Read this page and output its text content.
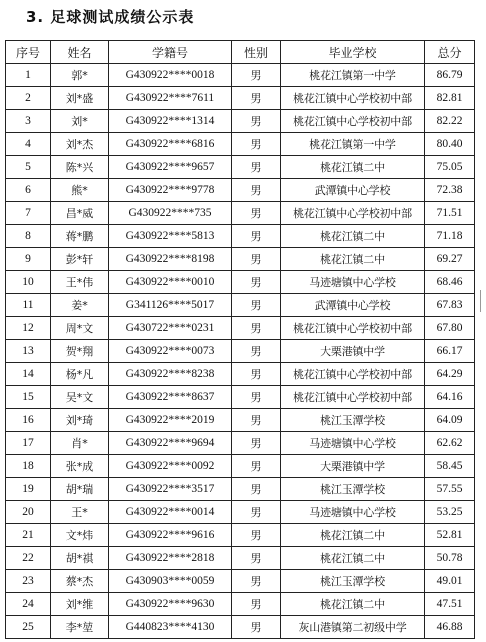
3. 足球测试成绩公示表
序号	姓名	学籍号	性别	毕业学校	总分
1	郭*	G430922****0018	男	桃花江镇第一中学	86.79
2	刘*盛	G430922****7611	男	桃花江镇中心学校初中部	82.81
3	刘*	G430922****1314	男	桃花江镇中心学校初中部	82.22
4	刘*杰	G430922****6816	男	桃花江镇第一中学	80.40
5	陈*兴	G430922****9657	男	桃花江镇二中	75.05
6	熊*	G430922****9778	男	武潭镇中心学校	72.38
7	昌*威	G430922****735	男	桃花江镇中心学校初中部	71.51
8	蒋*鹏	G430922****5813	男	桃花江镇二中	71.18
9	彭*轩	G430922****8198	男	桃花江镇二中	69.27
10	王*伟	G430922****0010	男	马迹塘镇中心学校	68.46
11	姜*	G341126****5017	男	武潭镇中心学校	67.83
12	周*文	G430722****0231	男	桃花江镇中心学校初中部	67.80
13	贺*翔	G430922****0073	男	大栗港镇中学	66.17
14	杨*凡	G430922****8238	男	桃花江镇中心学校初中部	64.29
15	吴*文	G430922****8637	男	桃花江镇中心学校初中部	64.16
16	刘*琦	G430922****2019	男	桃江玉潭学校	64.09
17	肖*	G430922****9694	男	马迹塘镇中心学校	62.62
18	张*成	G430922****0092	男	大栗港镇中学	58.45
19	胡*瑞	G430922****3517	男	桃江玉潭学校	57.55
20	王*	G430922****0014	男	马迹塘镇中心学校	53.25
21	文*炜	G430922****9616	男	桃花江镇二中	52.81
22	胡*祺	G430922****2818	男	桃花江镇二中	50.78
23	蔡*杰	G430903****0059	男	桃江玉潭学校	49.01
24	刘*维	G430922****9630	男	桃花江镇二中	47.51
25	李*堃	G440823****4130	男	灰山港镇第二初级中学	46.88
